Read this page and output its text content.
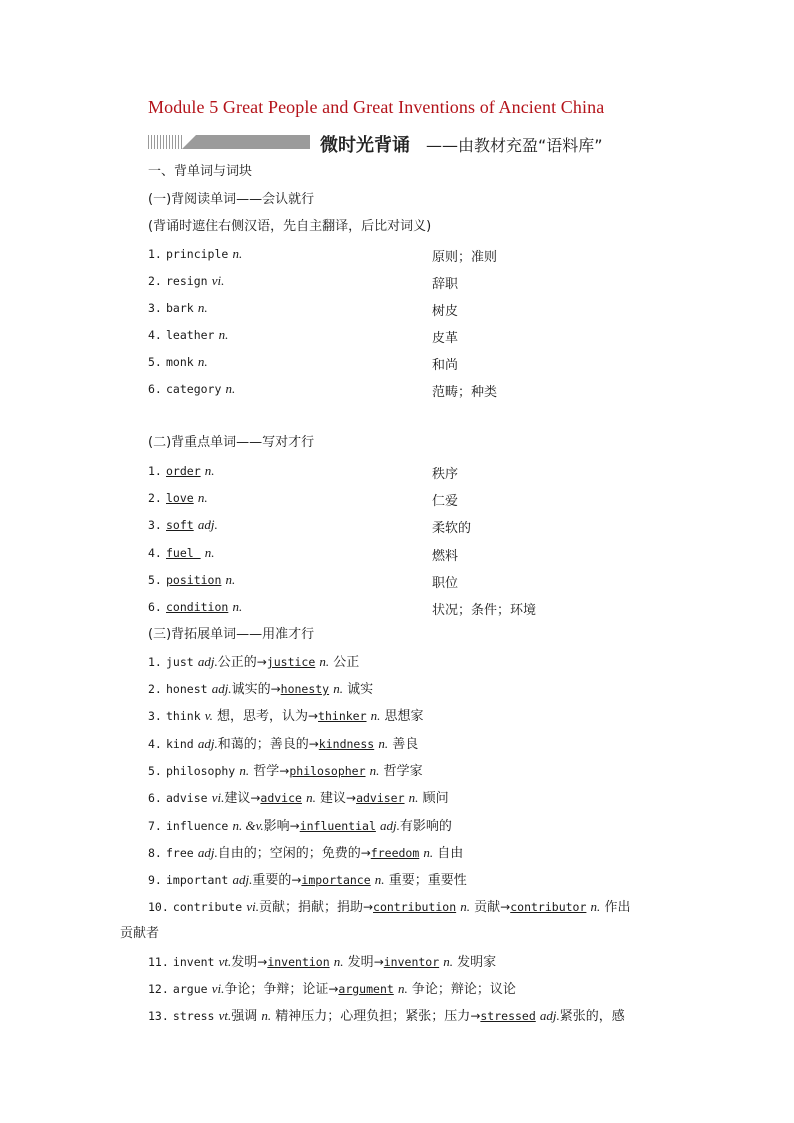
Module 5 Great People and Great Inventions of Ancient China
微时光背诵 ——由教材充盈“语料库”
一、背单词与词块
(一)背阅读单词——会认就行
(背诵时遮住右侧汉语，先自主翻译，后比对词义)
1. principle n.	原则；准则
2. resign vi.	辞职
3. bark n.	树皮
4. leather n.	皮革
5. monk n.	和尚
6. category n.	范畴；种类
(二)背重点单词——写对才行
1. order n.	秩序
2. love n.	仁爱
3. soft adj.	柔软的
4. fuel  n.	燃料
5. position n.	职位
6. condition n.	状况；条件；环境
(三)背拓展单词——用准才行
1. just adj.公正的→justice n. 公正
2. honest adj.诚实的→honesty n. 诚实
3. think v. 想，思考，认为→thinker n. 思想家
4. kind adj.和蔼的；善良的→kindness n. 善良
5. philosophy n. 哲学→philosopher n. 哲学家
6. advise vi.建议→advice n. 建议→adviser n. 顾问
7. influence n. &v.影响→influential adj.有影响的
8. free adj.自由的；空闲的；免费的→freedom n. 自由
9. important adj.重要的→importance n. 重要；重要性
10. contribute vi.贡献；捐献；捐助→contribution n. 贡献→contributor n. 作出
贡献者
11. invent vt.发明→invention n. 发明→inventor n. 发明家
12. argue vi.争论；争辩；论证→argument n. 争论；辩论；议论
13. stress vt.强调 n. 精神压力；心理负担；紧张；压力→stressed adj.紧张的，感
